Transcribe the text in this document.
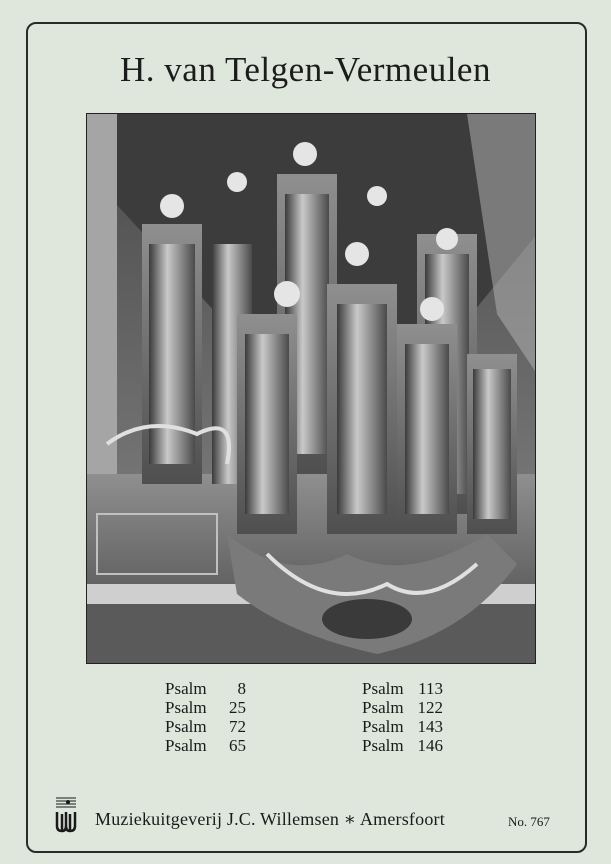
H. van Telgen-Vermeulen
Psalm	8
Psalm	25
Psalm	72
Psalm	65
Psalm 113
Psalm 122
Psalm 143
Psalm 146
Muziekuitgeverij J.C. Willemsen ∗ Amersfoort	No. 767
